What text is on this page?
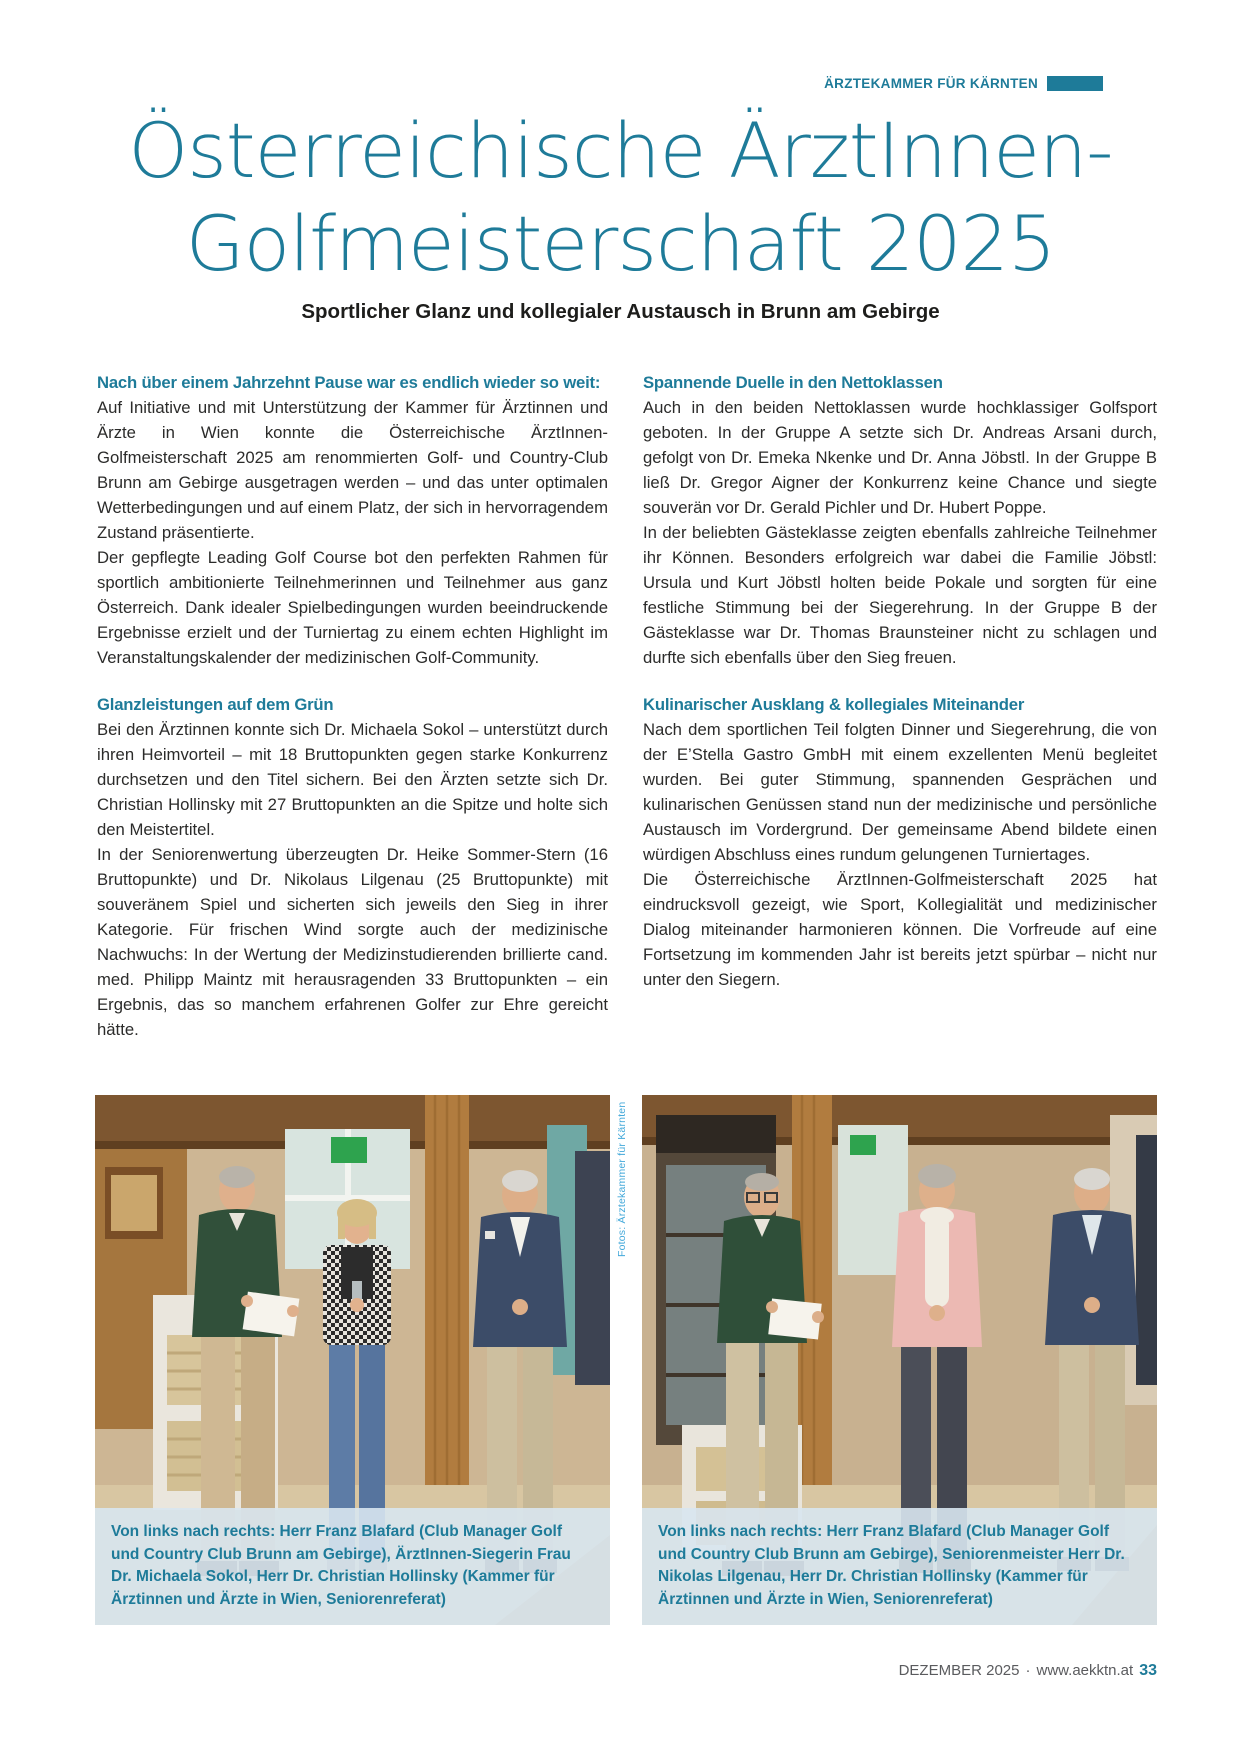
ÄRZTEKAMMER FÜR KÄRNTEN
Österreichische ÄrztInnen-
Golfmeisterschaft 2025

Sportlicher Glanz und kollegialer Austausch in Brunn am Gebirge

Nach über einem Jahrzehnt Pause war es endlich wieder so weit:

Auf Initiative und mit Unterstützung der Kammer für Ärztinnen und Ärzte in Wien konnte die Österreichische ÄrztInnen-Golfmeisterschaft 2025 am renommierten Golf- und Country-Club Brunn am Gebirge ausgetragen werden – und das unter optimalen Wetterbedingungen und auf einem Platz, der sich in hervorragendem Zustand präsentierte.

Der gepflegte Leading Golf Course bot den perfekten Rahmen für sportlich ambitionierte Teilnehmerinnen und Teilnehmer aus ganz Österreich. Dank idealer Spielbedingungen wurden beeindruckende Ergebnisse erzielt und der Turniertag zu einem echten Highlight im Veranstaltungskalender der medizinischen Golf-Community.

Glanzleistungen auf dem Grün

Bei den Ärztinnen konnte sich Dr. Michaela Sokol – unterstützt durch ihren Heimvorteil – mit 18 Bruttopunkten gegen starke Konkurrenz durchsetzen und den Titel sichern. Bei den Ärzten setzte sich Dr. Christian Hollinsky mit 27 Bruttopunkten an die Spitze und holte sich den Meistertitel.

In der Seniorenwertung überzeugten Dr. Heike Sommer-Stern (16 Bruttopunkte) und Dr. Nikolaus Lilgenau (25 Bruttopunkte) mit souveränem Spiel und sicherten sich jeweils den Sieg in ihrer Kategorie. Für frischen Wind sorgte auch der medizinische Nachwuchs: In der Wertung der Medizinstudierenden brillierte cand. med. Philipp Maintz mit herausragenden 33 Bruttopunkten – ein Ergebnis, das so manchem erfahrenen Golfer zur Ehre gereicht hätte.

Spannende Duelle in den Nettoklassen

Auch in den beiden Nettoklassen wurde hochklassiger Golfsport geboten. In der Gruppe A setzte sich Dr. Andreas Arsani durch, gefolgt von Dr. Emeka Nkenke und Dr. Anna Jöbstl. In der Gruppe B ließ Dr. Gregor Aigner der Konkurrenz keine Chance und siegte souverän vor Dr. Gerald Pichler und Dr. Hubert Poppe.

In der beliebten Gästeklasse zeigten ebenfalls zahlreiche Teilnehmer ihr Können. Besonders erfolgreich war dabei die Familie Jöbstl: Ursula und Kurt Jöbstl holten beide Pokale und sorgten für eine festliche Stimmung bei der Siegerehrung. In der Gruppe B der Gästeklasse war Dr. Thomas Braunsteiner nicht zu schlagen und durfte sich ebenfalls über den Sieg freuen.

Kulinarischer Ausklang & kollegiales Miteinander

Nach dem sportlichen Teil folgten Dinner und Siegerehrung, die von der E’Stella Gastro GmbH mit einem exzellenten Menü begleitet wurden. Bei guter Stimmung, spannenden Gesprächen und kulinarischen Genüssen stand nun der medizinische und persönliche Austausch im Vordergrund. Der gemeinsame Abend bildete einen würdigen Abschluss eines rundum gelungenen Turniertages.

Die Österreichische ÄrztInnen-Golfmeisterschaft 2025 hat eindrucksvoll gezeigt, wie Sport, Kollegialität und medizinischer Dialog miteinander harmonieren können. Die Vorfreude auf eine Fortsetzung im kommenden Jahr ist bereits jetzt spürbar – nicht nur unter den Siegern.

Von links nach rechts: Herr Franz Blafard (Club Manager Golf und Country Club Brunn am Gebirge), ÄrztInnen-Siegerin Frau Dr. Michaela Sokol, Herr Dr. Christian Hollinsky (Kammer für Ärztinnen und Ärzte in Wien, Seniorenreferat)
Fotos: Ärztekammer für Kärnten
Von links nach rechts: Herr Franz Blafard (Club Manager Golf und Country Club Brunn am Gebirge), Seniorenmeister Herr Dr. Nikolas Lilgenau, Herr Dr. Christian Hollinsky (Kammer für Ärztinnen und Ärzte in Wien, Seniorenreferat)
DEZEMBER 2025 · www.aekktn.at 33
